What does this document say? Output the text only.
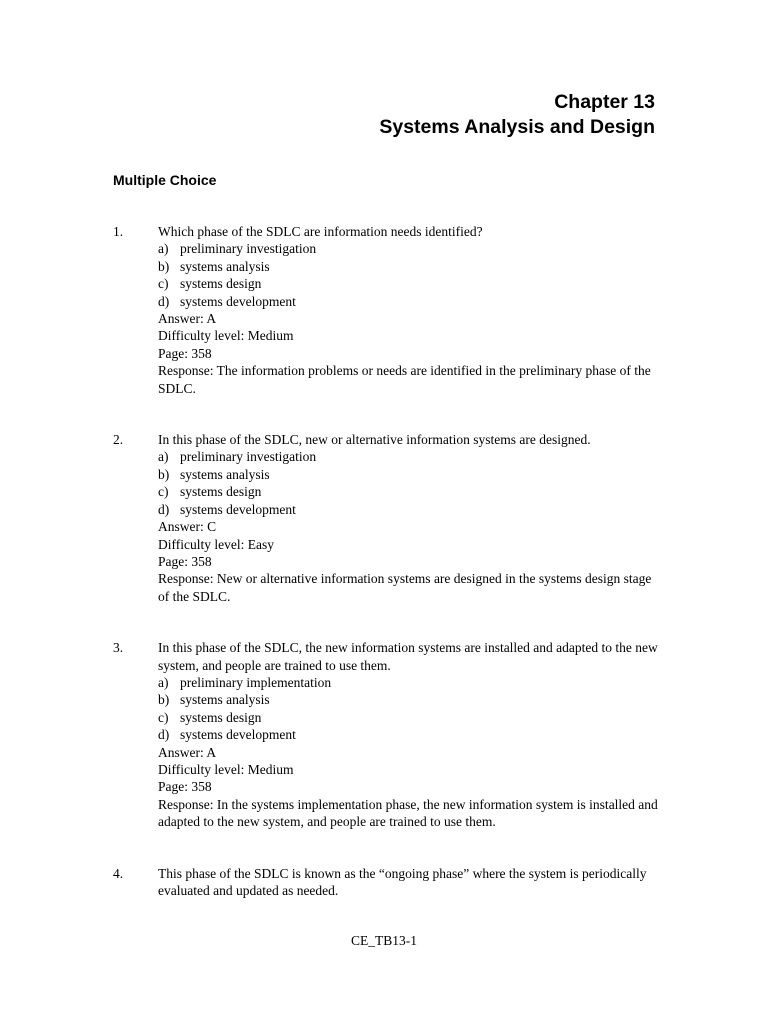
Chapter 13
Systems Analysis and Design
Multiple Choice
1.	Which phase of the SDLC are information needs identified?
a) preliminary investigation
b) systems analysis
c) systems design
d) systems development
Answer: A
Difficulty level: Medium
Page: 358
Response: The information problems or needs are identified in the preliminary phase of the SDLC.
2.	In this phase of the SDLC, new or alternative information systems are designed.
a) preliminary investigation
b) systems analysis
c) systems design
d) systems development
Answer: C
Difficulty level: Easy
Page: 358
Response: New or alternative information systems are designed in the systems design stage of the SDLC.
3.	In this phase of the SDLC, the new information systems are installed and adapted to the new system, and people are trained to use them.
a) preliminary implementation
b) systems analysis
c) systems design
d) systems development
Answer: A
Difficulty level: Medium
Page: 358
Response: In the systems implementation phase, the new information system is installed and adapted to the new system, and people are trained to use them.
4.	This phase of the SDLC is known as the “ongoing phase” where the system is periodically evaluated and updated as needed.
CE_TB13-1
